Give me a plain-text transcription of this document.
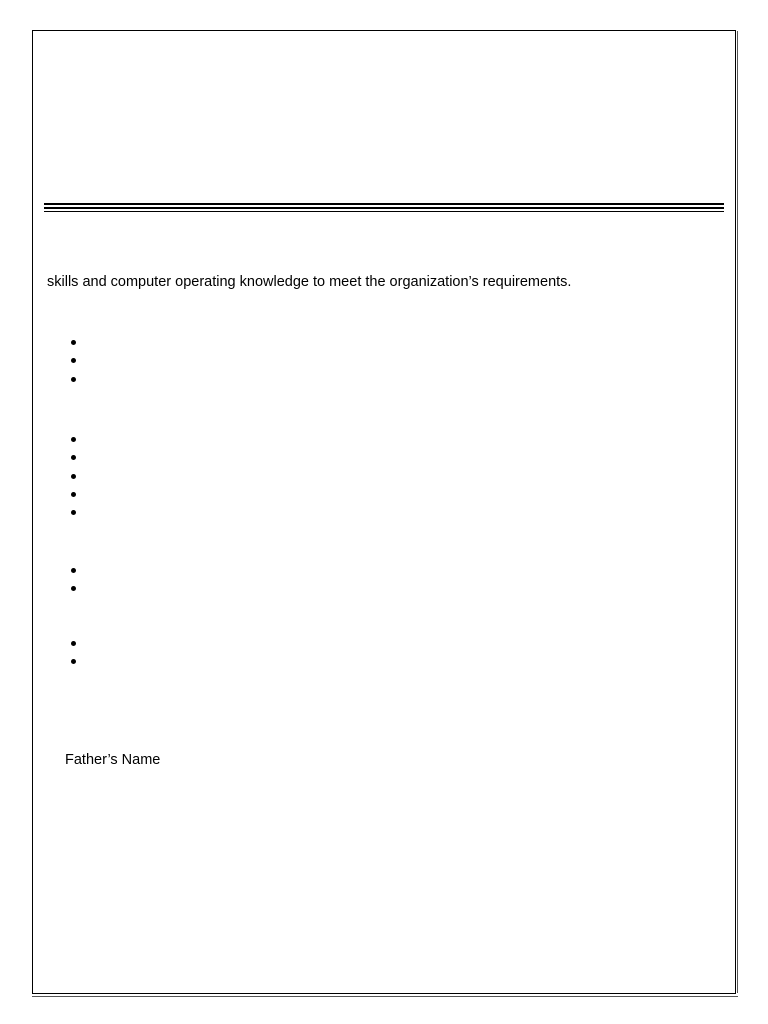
skills and computer operating knowledge to meet the organization’s requirements.
Father’s Name
